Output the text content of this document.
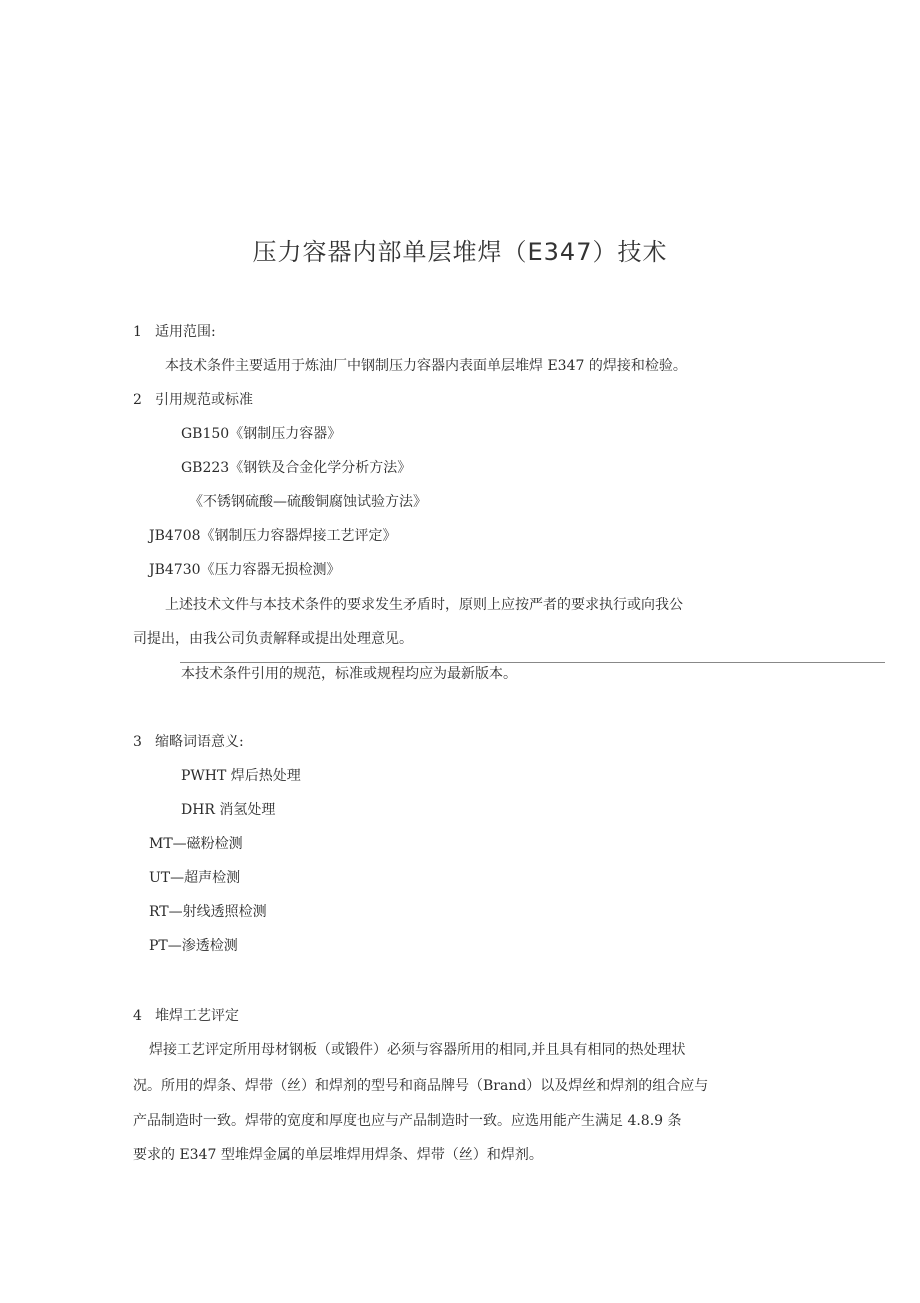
压力容器内部单层堆焊（E347）技术
1 适用范围:
本技术条件主要适用于炼油厂中钢制压力容器内表面单层堆焊 E347 的焊接和检验。
2 引用规范或标准
GB150《钢制压力容器》
GB223《钢铁及合金化学分析方法》
《不锈钢硫酸—硫酸铜腐蚀试验方法》
JB4708《钢制压力容器焊接工艺评定》
JB4730《压力容器无损检测》
上述技术文件与本技术条件的要求发生矛盾时，原则上应按严者的要求执行或向我公
司提出，由我公司负责解释或提出处理意见。
本技术条件引用的规范，标准或规程均应为最新版本。
3 缩略词语意义:
PWHT 焊后热处理
DHR 消氢处理
MT—磁粉检测
UT—超声检测
RT—射线透照检测
PT—渗透检测
4 堆焊工艺评定
焊接工艺评定所用母材钢板（或锻件）必须与容器所用的相同,并且具有相同的热处理状
况。所用的焊条、焊带（丝）和焊剂的型号和商品牌号（Brand）以及焊丝和焊剂的组合应与
产品制造时一致。焊带的宽度和厚度也应与产品制造时一致。应选用能产生满足 4.8.9 条
要求的 E347 型堆焊金属的单层堆焊用焊条、焊带（丝）和焊剂。
